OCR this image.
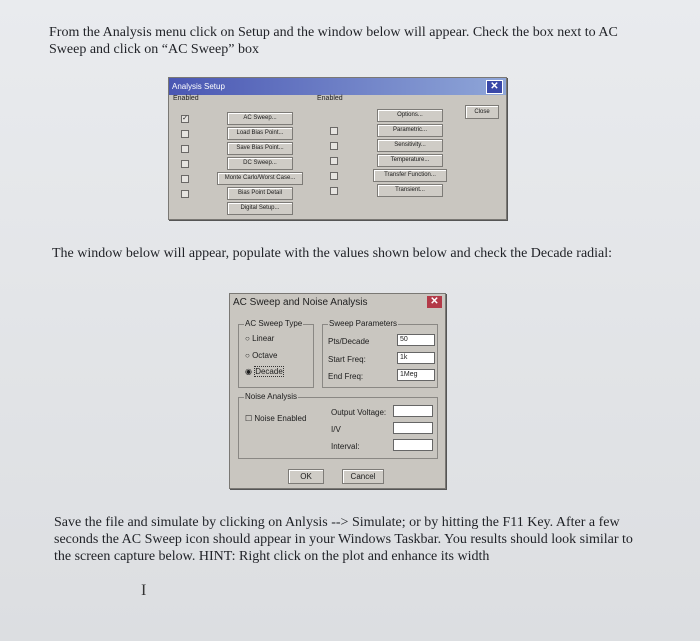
From the Analysis menu click on Setup and the window below will appear. Check the box next to AC Sweep and click on “AC Sweep” box

Analysis Setup	✕
Enabled	Enabled
✓	AC Sweep...
Load Bias Point...
Save Bias Point...
DC Sweep...
Monte Carlo/Worst Case...
Bias Point Detail
Digital Setup...
Options...
Parametric...
Sensitivity...
Temperature...
Transfer Function...
Transient...
Close

The window below will appear, populate with the values shown below and check the Decade radial:

AC Sweep and Noise Analysis	✕
AC Sweep Type
○ Linear
○ Octave
◉ Decade
Sweep Parameters
Pts/Decade	50
Start Freq:	1k
End Freq:	1Meg
Noise Analysis
☐ Noise Enabled
Output Voltage:
I/V
Interval:
OK	Cancel

Save the file and simulate by clicking on Anlysis --> Simulate; or by hitting the F11 Key. After a few seconds the AC Sweep icon should appear in your Windows Taskbar. You results should look similar to the screen capture below. HINT: Right click on the plot and enhance its width

I
